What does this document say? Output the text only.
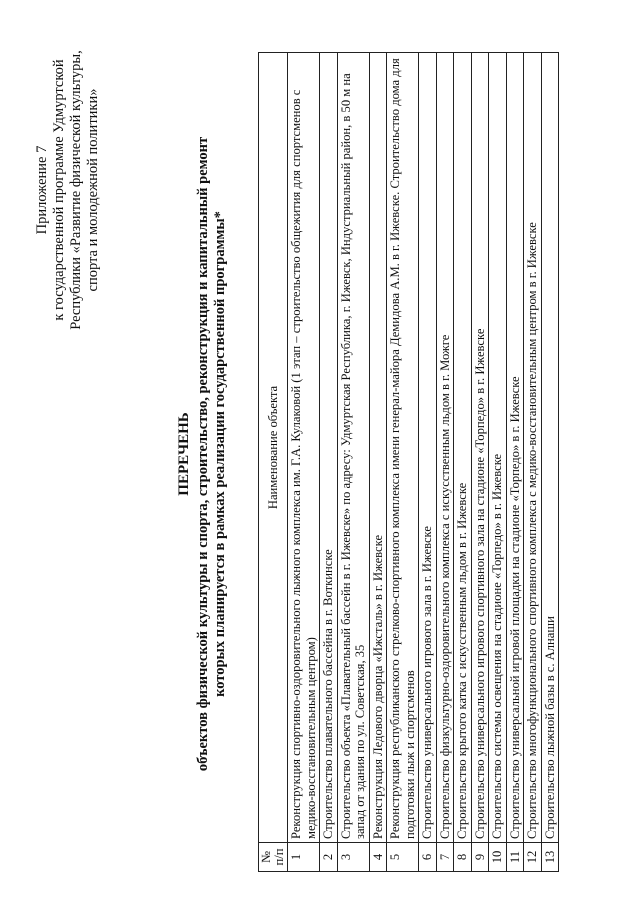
Приложение 7 к государственной программе Удмуртской Республики «Развитие физической культуры, спорта и молодежной политики»
ПЕРЕЧЕНЬ объектов физической культуры и спорта, строительство, реконструкция и капитальный ремонт которых планируется в рамках реализации государственной программы*
№
п/п	Наименование объекта
1	Реконструкция спортивно-оздоровительного лыжного комплекса им. Г.А. Кулаковой (1 этап – строительство общежития для спортсменов с медико-восстановительным центром)
2	Строительство плавательного бассейна в г. Воткинске
3	Строительство объекта «Плавательный бассейн в г. Ижевске» по адресу: Удмуртская Республика, г. Ижевск, Индустриальный район, в 50 м на запад от здания по ул. Советская, 35
4	Реконструкция Ледового дворца «Ижсталь» в г. Ижевске
5	Реконструкция республиканского стрелково-спортивного комплекса имени генерал-майора Демидова А.М. в г. Ижевске. Строительство дома для подготовки лыж и спортсменов
6	Строительство универсального игрового зала в г. Ижевске
7	Строительство физкультурно-оздоровительного комплекса с искусственным льдом в г. Можге
8	Строительство крытого катка с искусственным льдом в г. Ижевске
9	Строительство универсального игрового спортивного зала на стадионе «Торпедо» в г. Ижевске
10	Строительство системы освещения на стадионе «Торпедо» в г. Ижевске
11	Строительство универсальной игровой площадки на стадионе «Торпедо» в г. Ижевске
12	Строительство многофункционального спортивного комплекса с медико-восстановительным центром в г. Ижевске
13	Строительство лыжной базы в с. Алнаши
